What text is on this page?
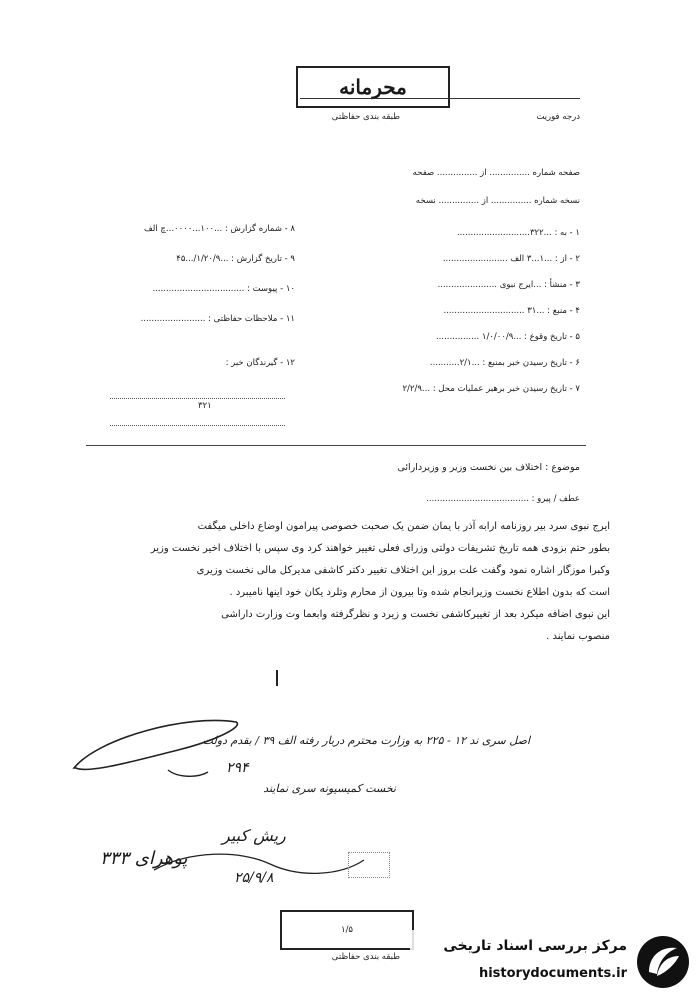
محرمانه
طبقه بندی حفاظتی	درجه فوریت
صفحه شماره ............... از ............... صفحه
نسخه شماره ............... از ............... نسخه
۱ - به : ...۳۲۲...........................
۲ - از : ...۱...۳ الف ........................
۳ - منشأ : ...ایرج نبوی ......................
۴ - منبع : ...۳۱ ..............................
۵ - تاریخ وقوع : ...۱/۰/۰۰/۹ ................
۶ - تاریخ رسیدن خبر بمنبع : ...۲/۱...........
۷ - تاریخ رسیدن خبر برهبر عملیات محل : ...۲/۲/۹
۸ - شماره گزارش : ...۱۰۰...۰۰۰۰...چ الف
۹ - تاریخ گزارش : ...۱/۲۰/۹/...۴۵
۱۰ - پیوست : ..................................
۱۱ - ملاحظات حفاظتی : ........................
۱۲ - گیرندگان خبر :
۳۲۱
موضوع : اختلاف بین نخست وزیر و وزیردارائی
عطف / پیرو : ......................................
ایرج نبوی سرد بیر روزنامه ارابه آذر با یمان ضمن یک صحبت خصوصی پیرامون اوضاع داخلی میگفت
بطور حتم بزودی همه تاریخ تشریفات دولتی وزرای فعلی تغییر خواهند کرد وی سپس با اختلاف اخیر نخست وزیر
وکبرا موزگار اشاره نمود وگفت علت بروز این اختلاف تغییر دکتر کاشفی مدیرکل مالی نخست وزیری
است که بدون اطلاع نخست وزیرانجام شده وتا بیرون از محارم وتلرد یکان خود اینها نامیبرد .
این نبوی اضافه میکرد بعد از تغییرکاشفی نخست و زیرد و نظرگرفته وابعما وت وزارت داراشی
منصوب نمایند .
اصل سری ند ۱۲ - ۲۲۵ به وزارت محترم دربار رفته الف ۳۹ / بقدم دولت
۲۹۴
نخست کمیسیونه سری نمایند
۳۳۳ پوهرای
ریش کبیر
۲۵/۹/۸
۱/۵
طبقه بندی حفاظتی
مرکز بررسی اسناد تاریخی
historydocuments.ir
